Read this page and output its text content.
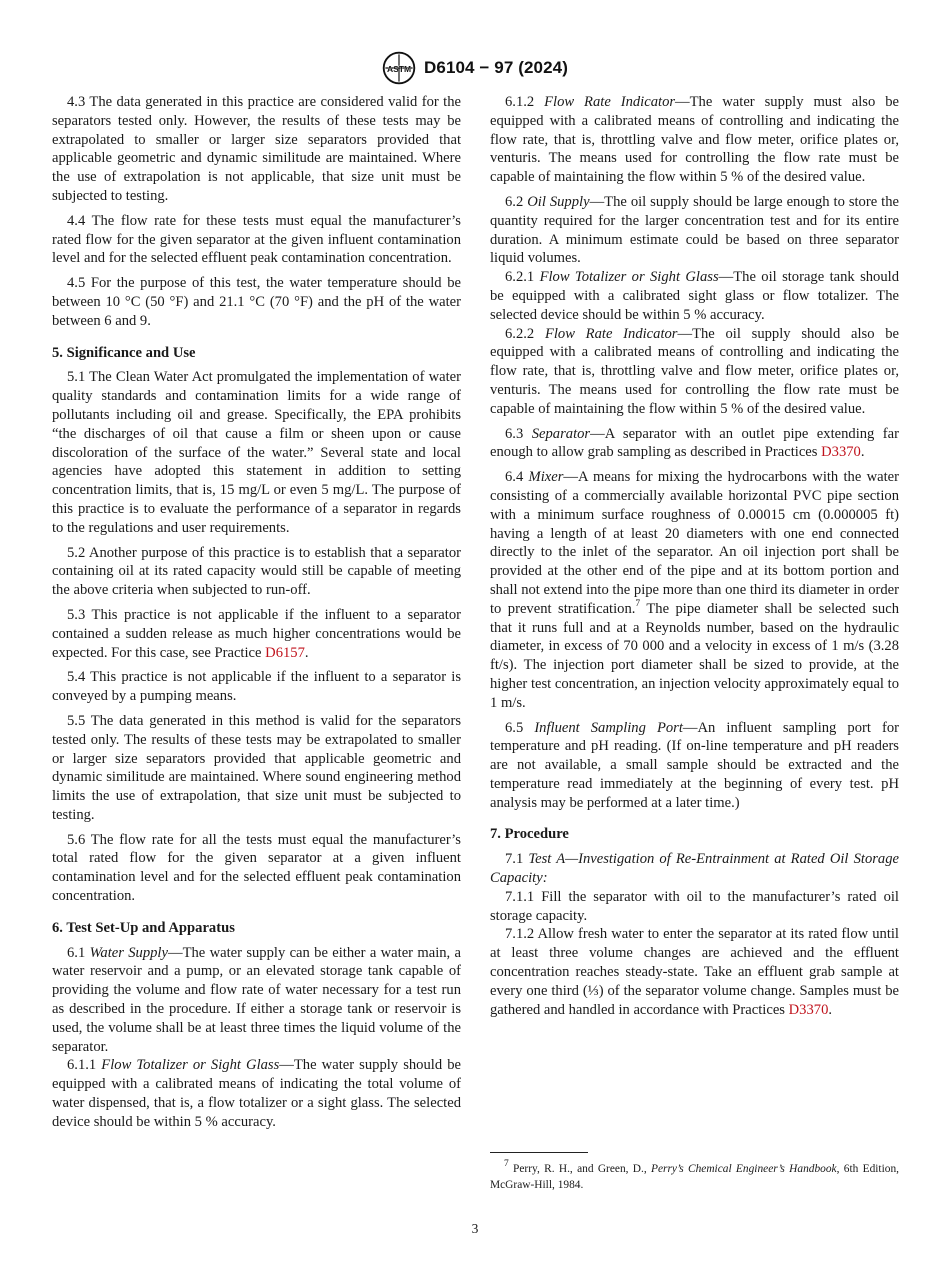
ASTM D6104 − 97 (2024)

4.3 The data generated in this practice are considered valid for the separators tested only. However, the results of these tests may be extrapolated to smaller or larger size separators provided that applicable geometric and dynamic similitude are maintained. Where the use of extrapolation is not applicable, that size unit must be subjected to testing.

4.4 The flow rate for these tests must equal the manufacturer’s rated flow for the given separator at the given influent contamination level and for the selected effluent peak contamination concentration.

4.5 For the purpose of this test, the water temperature should be between 10 °C (50 °F) and 21.1 °C (70 °F) and the pH of the water between 6 and 9.

5. Significance and Use

5.1 The Clean Water Act promulgated the implementation of water quality standards and contamination limits for a wide range of pollutants including oil and grease. Specifically, the EPA prohibits “the discharges of oil that cause a film or sheen upon or cause discoloration of the surface of the water.” Several state and local agencies have adopted this statement in addition to setting concentration limits, that is, 15 mg/L or even 5 mg/L. The purpose of this practice is to evaluate the performance of a separator in regards to the regulations and user requirements.

5.2 Another purpose of this practice is to establish that a separator containing oil at its rated capacity would still be capable of meeting the above criteria when subjected to run-off.

5.3 This practice is not applicable if the influent to a separator contained a sudden release as much higher concentrations would be expected. For this case, see Practice D6157.

5.4 This practice is not applicable if the influent to a separator is conveyed by a pumping means.

5.5 The data generated in this method is valid for the separators tested only. The results of these tests may be extrapolated to smaller or larger size separators provided that applicable geometric and dynamic similitude are maintained. Where sound engineering method limits the use of extrapolation, that size unit must be subjected to testing.

5.6 The flow rate for all the tests must equal the manufacturer’s total rated flow for the given separator at a given influent contamination level and for the selected effluent peak contamination concentration.

6. Test Set-Up and Apparatus

6.1 Water Supply—The water supply can be either a water main, a water reservoir and a pump, or an elevated storage tank capable of providing the volume and flow rate of water necessary for a test run as described in the procedure. If either a storage tank or reservoir is used, the volume shall be at least three times the liquid volume of the separator.

6.1.1 Flow Totalizer or Sight Glass—The water supply should be equipped with a calibrated means of indicating the total volume of water dispensed, that is, a flow totalizer or a sight glass. The selected device should be within 5 % accuracy.

6.1.2 Flow Rate Indicator—The water supply must also be equipped with a calibrated means of controlling and indicating the flow rate, that is, throttling valve and flow meter, orifice plates or, venturis. The means used for controlling the flow rate must be capable of maintaining the flow within 5 % of the desired value.

6.2 Oil Supply—The oil supply should be large enough to store the quantity required for the larger concentration test and for its entire duration. A minimum estimate could be based on three separator liquid volumes.

6.2.1 Flow Totalizer or Sight Glass—The oil storage tank should be equipped with a calibrated sight glass or flow totalizer. The selected device should be within 5 % accuracy.

6.2.2 Flow Rate Indicator—The oil supply should also be equipped with a calibrated means of controlling and indicating the flow rate, that is, throttling valve and flow meter, orifice plates or, venturis. The means used for controlling the flow rate must be capable of maintaining the flow within 5 % of the desired value.

6.3 Separator—A separator with an outlet pipe extending far enough to allow grab sampling as described in Practices D3370.

6.4 Mixer—A means for mixing the hydrocarbons with the water consisting of a commercially available horizontal PVC pipe section with a minimum surface roughness of 0.00015 cm (0.000005 ft) having a length of at least 20 diameters with one end connected directly to the inlet of the separator. An oil injection port shall be provided at the other end of the pipe and at its bottom portion and shall not extend into the pipe more than one third its diameter in order to prevent stratification.$^7$ The pipe diameter shall be selected such that it runs full and at a Reynolds number, based on the hydraulic diameter, in excess of 70 000 and a velocity in excess of 1 m/s (3.28 ft/s). The injection port diameter shall be sized to provide, at the higher test concentration, an injection velocity approximately equal to 1 m/s.

6.5 Influent Sampling Port—An influent sampling port for temperature and pH reading. (If on-line temperature and pH readers are not available, a small sample should be extracted and the temperature read immediately at the beginning of every test. pH analysis may be performed at a later time.)

7. Procedure

7.1 Test A—Investigation of Re-Entrainment at Rated Oil Storage Capacity:

7.1.1 Fill the separator with oil to the manufacturer’s rated oil storage capacity.

7.1.2 Allow fresh water to enter the separator at its rated flow until at least three volume changes are achieved and the effluent concentration reaches steady-state. Take an effluent grab sample at every one third (⅓) of the separator volume change. Samples must be gathered and handled in accordance with Practices D3370.

$^7$ Perry, R. H., and Green, D., Perry’s Chemical Engineer’s Handbook, 6th Edition, McGraw-Hill, 1984.
3
